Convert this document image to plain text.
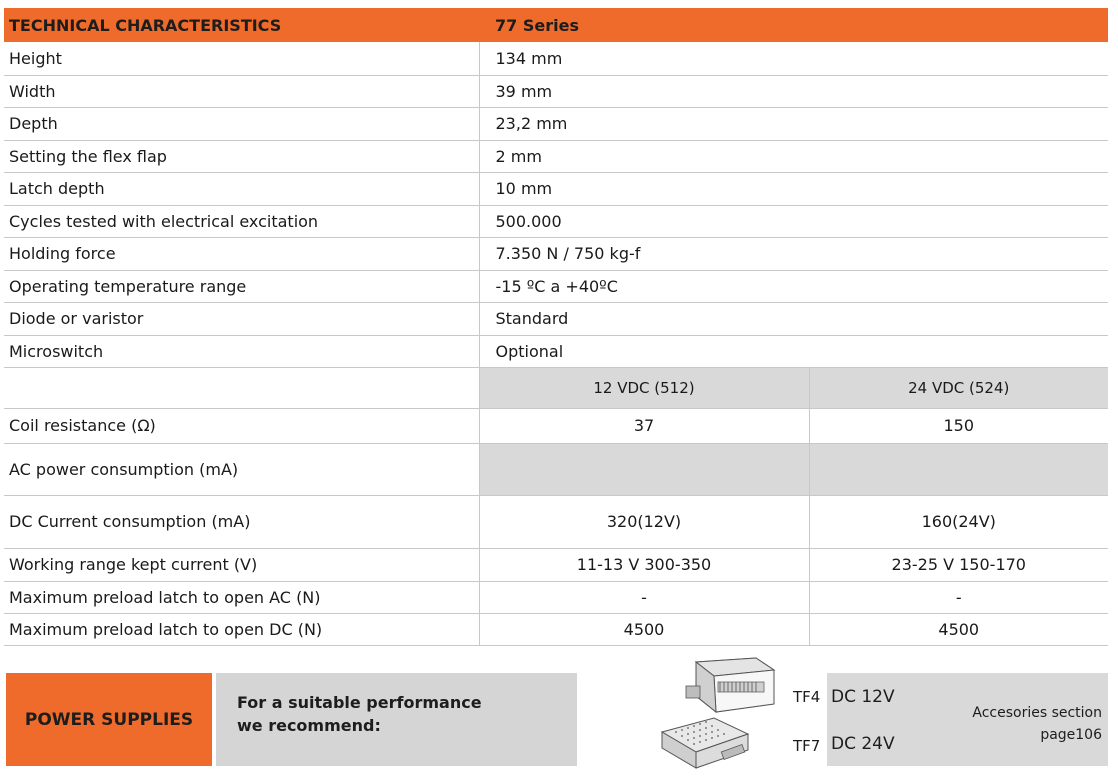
TECHNICAL CHARACTERISTICS	77 Series	
Height	134 mm	
Width	39 mm	
Depth	23,2 mm	
Setting the flex flap	2 mm	
Latch depth	10 mm	
Cycles tested with electrical excitation	500.000	
Holding force	7.350 N / 750 kg-f	
Operating temperature range	-15 ºC a +40ºC	
Diode or varistor	Standard	
Microswitch	Optional	
	12 VDC (512)	24 VDC (524)
Coil resistance (Ω)	37	150
AC power consumption (mA)		
DC Current consumption (mA)	320(12V)	160(24V)
Working range kept current (V)	11-13 V 300-350	23-25 V 150-170
Maximum preload latch to open AC (N)	-	-
Maximum preload latch to open DC (N)	4500	4500
POWER SUPPLIES
For a suitable performance
we recommend:
TF4
TF7
DC 12V
DC 24V
Accesories section
page106
